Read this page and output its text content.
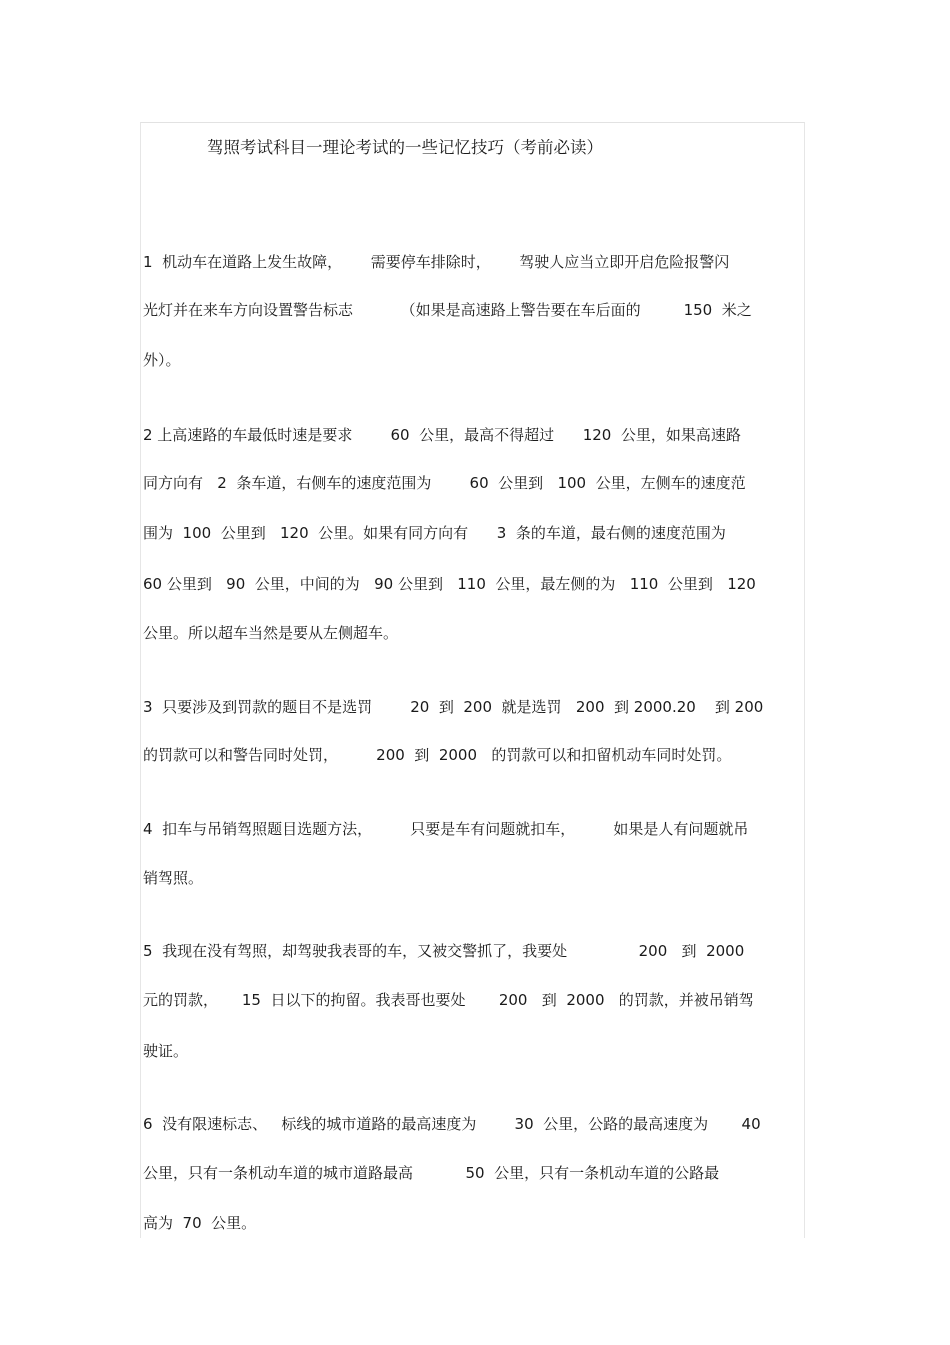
驾照考试科目一理论考试的一些记忆技巧（考前必读）
1  机动车在道路上发生故障，      需要停车排除时，      驾驶人应当立即开启危险报警闪
光灯并在来车方向设置警告标志          （如果是高速路上警告要在车后面的         150  米之
外）。
2 上高速路的车最低时速是要求        60  公里，最高不得超过      120  公里，如果高速路
同方向有   2  条车道，右侧车的速度范围为        60  公里到   100  公里，左侧车的速度范
围为  100  公里到   120  公里。如果有同方向有      3  条的车道，最右侧的速度范围为
60 公里到   90  公里，中间的为   90 公里到   110  公里，最左侧的为   110  公里到   120
公里。所以超车当然是要从左侧超车。
3  只要涉及到罚款的题目不是选罚        20  到  200  就是选罚   200  到 2000.20    到 200
的罚款可以和警告同时处罚，        200  到  2000   的罚款可以和扣留机动车同时处罚。
4  扣车与吊销驾照题目选题方法，        只要是车有问题就扣车，        如果是人有问题就吊
销驾照。
5  我现在没有驾照，却驾驶我表哥的车，又被交警抓了，我要处               200   到  2000
元的罚款，     15  日以下的拘留。我表哥也要处       200   到  2000   的罚款，并被吊销驾
驶证。
6  没有限速标志、   标线的城市道路的最高速度为        30  公里，公路的最高速度为       40
公里，只有一条机动车道的城市道路最高           50  公里，只有一条机动车道的公路最
高为  70  公里。
